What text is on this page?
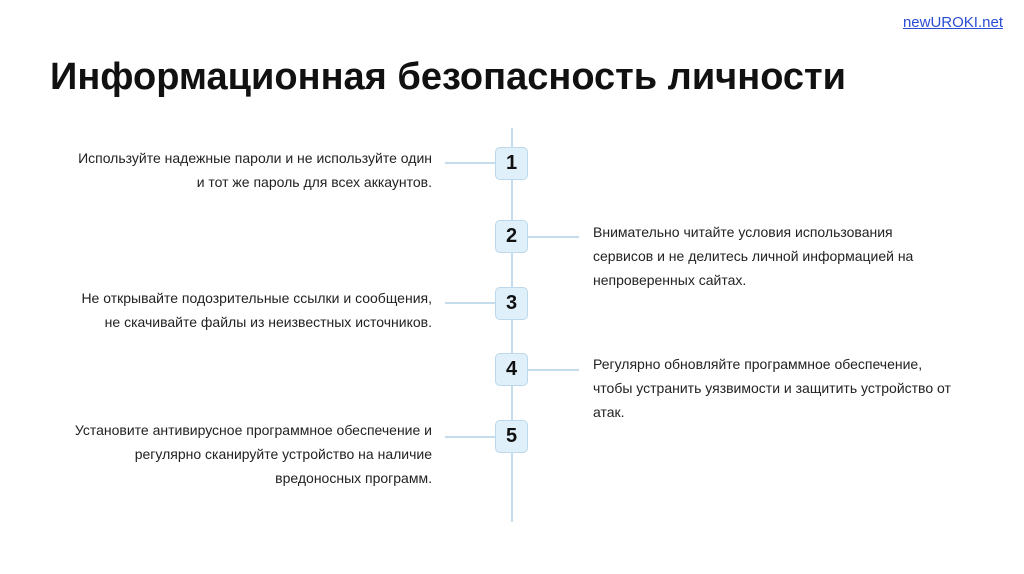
newUROKI.net
Информационная безопасность личности
1

Используйте надежные пароли и не используйте один
и тот же пароль для всех аккаунтов.

2	Внимательно читайте условия использования
сервисов и не делитесь личной информацией на
непроверенных сайтах.

3

Не открывайте подозрительные ссылки и сообщения,
не скачивайте файлы из неизвестных источников.

4	Регулярно обновляйте программное обеспечение,
чтобы устранить уязвимости и защитить устройство от
атак.

5

Установите антивирусное программное обеспечение и
регулярно сканируйте устройство на наличие
вредоносных программ.
